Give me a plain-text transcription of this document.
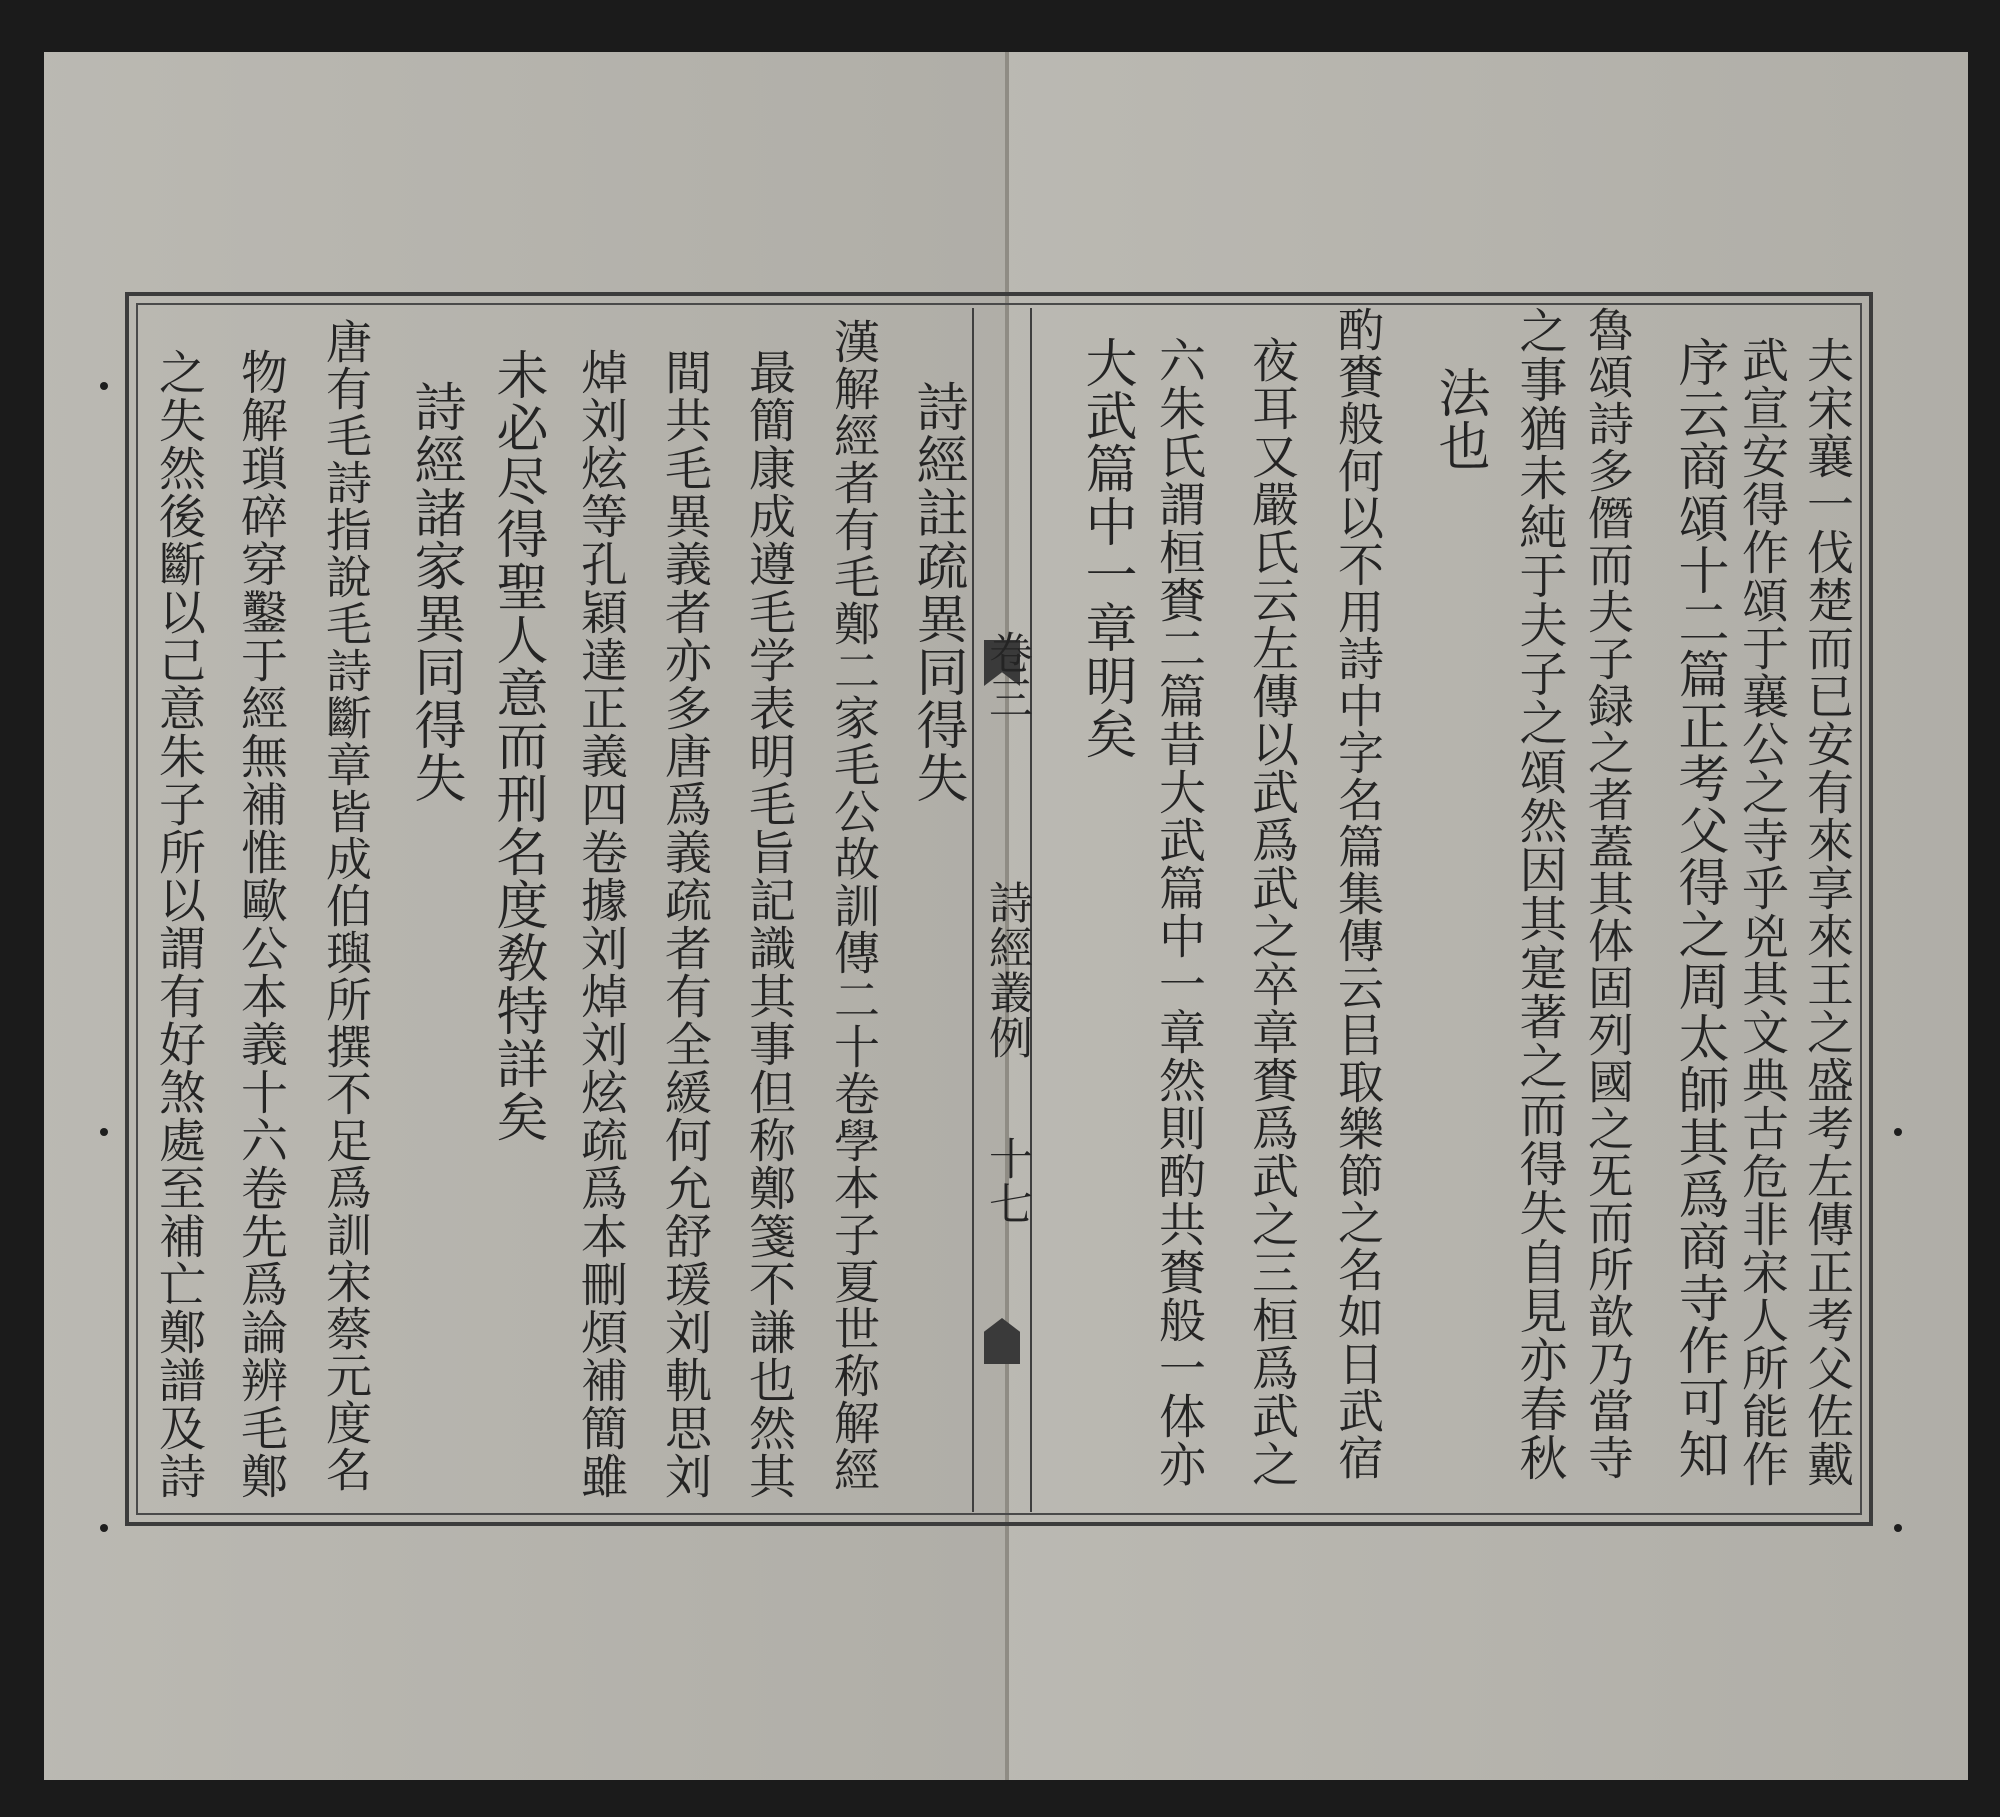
夫宋襄一伐楚而已安有來享來王之盛考左傳正考父佐戴
武宣安得作頌于襄公之寺乎兇其文典古危非宋人所能作
序云商頌十二篇正考父得之周太師其爲商寺作可知
魯頌詩多僭而夫子録之者蓋其体固列國之旡而所歆乃當寺
之事猶未純于夫子之頌然因其寔著之而得失自見亦春秋
法也
酌賚般何以不用詩中字名篇集傳云㠯取樂節之名如日武宿
夜耳又嚴氏云左傳以武爲武之卒章賚爲武之三桓爲武之
六朱氏謂桓賚二篇昔大武篇中一章然則酌共賚般一体亦
大武篇中一章明矣
卷三
詩經叢例
十七
詩經註疏異同得失
漢解經者有毛鄭二家毛公故訓傳二十卷學本子夏世称解經
最簡康成遵毛学表明毛旨記識其事但称鄭箋不謙也然其
間共毛異義者亦多唐爲義疏者有全緩何允舒瑗刘軌思刘
焯刘炫等孔穎達正義四卷據刘焯刘炫疏爲本刪煩補簡雖
未必尽得聖人意而刑名度敎特詳矣
詩經諸家異同得失
唐有毛詩指說毛詩斷章皆成伯璵所撰不足爲訓宋蔡元度名
物解瑣碎穿鑿于經無補惟歐公本義十六卷先爲論辨毛鄭
之失然後斷以己意朱子所以謂有好煞處至補亡鄭譜及詩
